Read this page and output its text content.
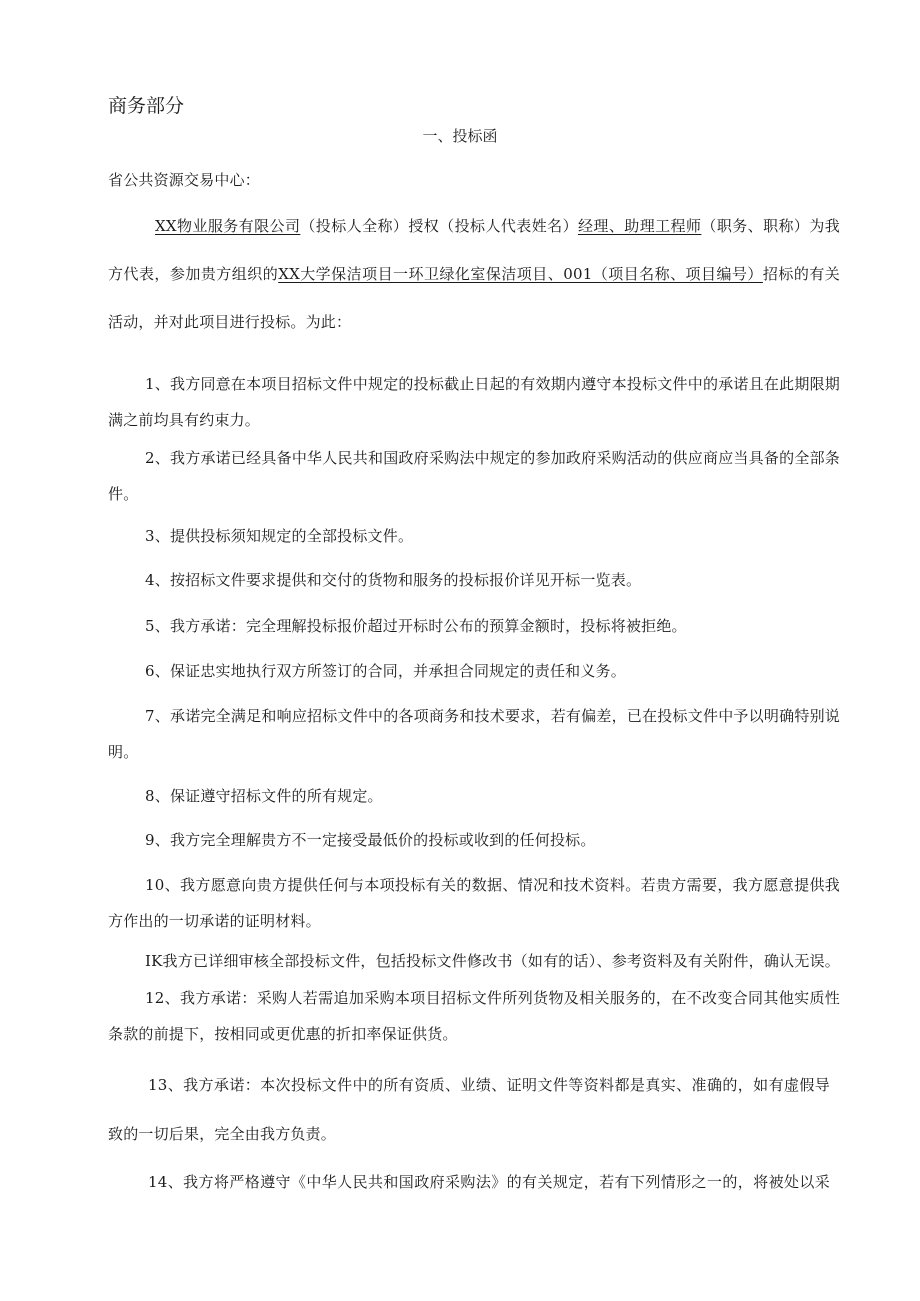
商务部分
一、投标函
省公共资源交易中心：
XX物业服务有限公司（投标人全称）授权（投标人代表姓名）经理、助理工程师（职务、职称）为我
方代表，参加贵方组织的XX大学保洁项目一环卫绿化室保洁项目、001（项目名称、项目编号）招标的有关
活动，并对此项目进行投标。为此：
1、我方同意在本项目招标文件中规定的投标截止日起的有效期内遵守本投标文件中的承诺且在此期限期
满之前均具有约束力。
2、我方承诺已经具备中华人民共和国政府采购法中规定的参加政府采购活动的供应商应当具备的全部条
件。
3、提供投标须知规定的全部投标文件。
4、按招标文件要求提供和交付的货物和服务的投标报价详见开标一览表。
5、我方承诺：完全理解投标报价超过开标时公布的预算金额时，投标将被拒绝。
6、保证忠实地执行双方所签订的合同，并承担合同规定的责任和义务。
7、承诺完全满足和响应招标文件中的各项商务和技术要求，若有偏差，已在投标文件中予以明确特别说
明。
8、保证遵守招标文件的所有规定。
9、我方完全理解贵方不一定接受最低价的投标或收到的任何投标。
10、我方愿意向贵方提供任何与本项投标有关的数据、情况和技术资料。若贵方需要，我方愿意提供我
方作出的一切承诺的证明材料。
IK我方已详细审核全部投标文件，包括投标文件修改书（如有的话）、参考资料及有关附件，确认无误。
12、我方承诺：采购人若需追加采购本项目招标文件所列货物及相关服务的，在不改变合同其他实质性
条款的前提下，按相同或更优惠的折扣率保证供货。
13、我方承诺：本次投标文件中的所有资质、业绩、证明文件等资料都是真实、准确的，如有虚假导
致的一切后果，完全由我方负责。
14、我方将严格遵守《中华人民共和国政府采购法》的有关规定，若有下列情形之一的，将被处以采
